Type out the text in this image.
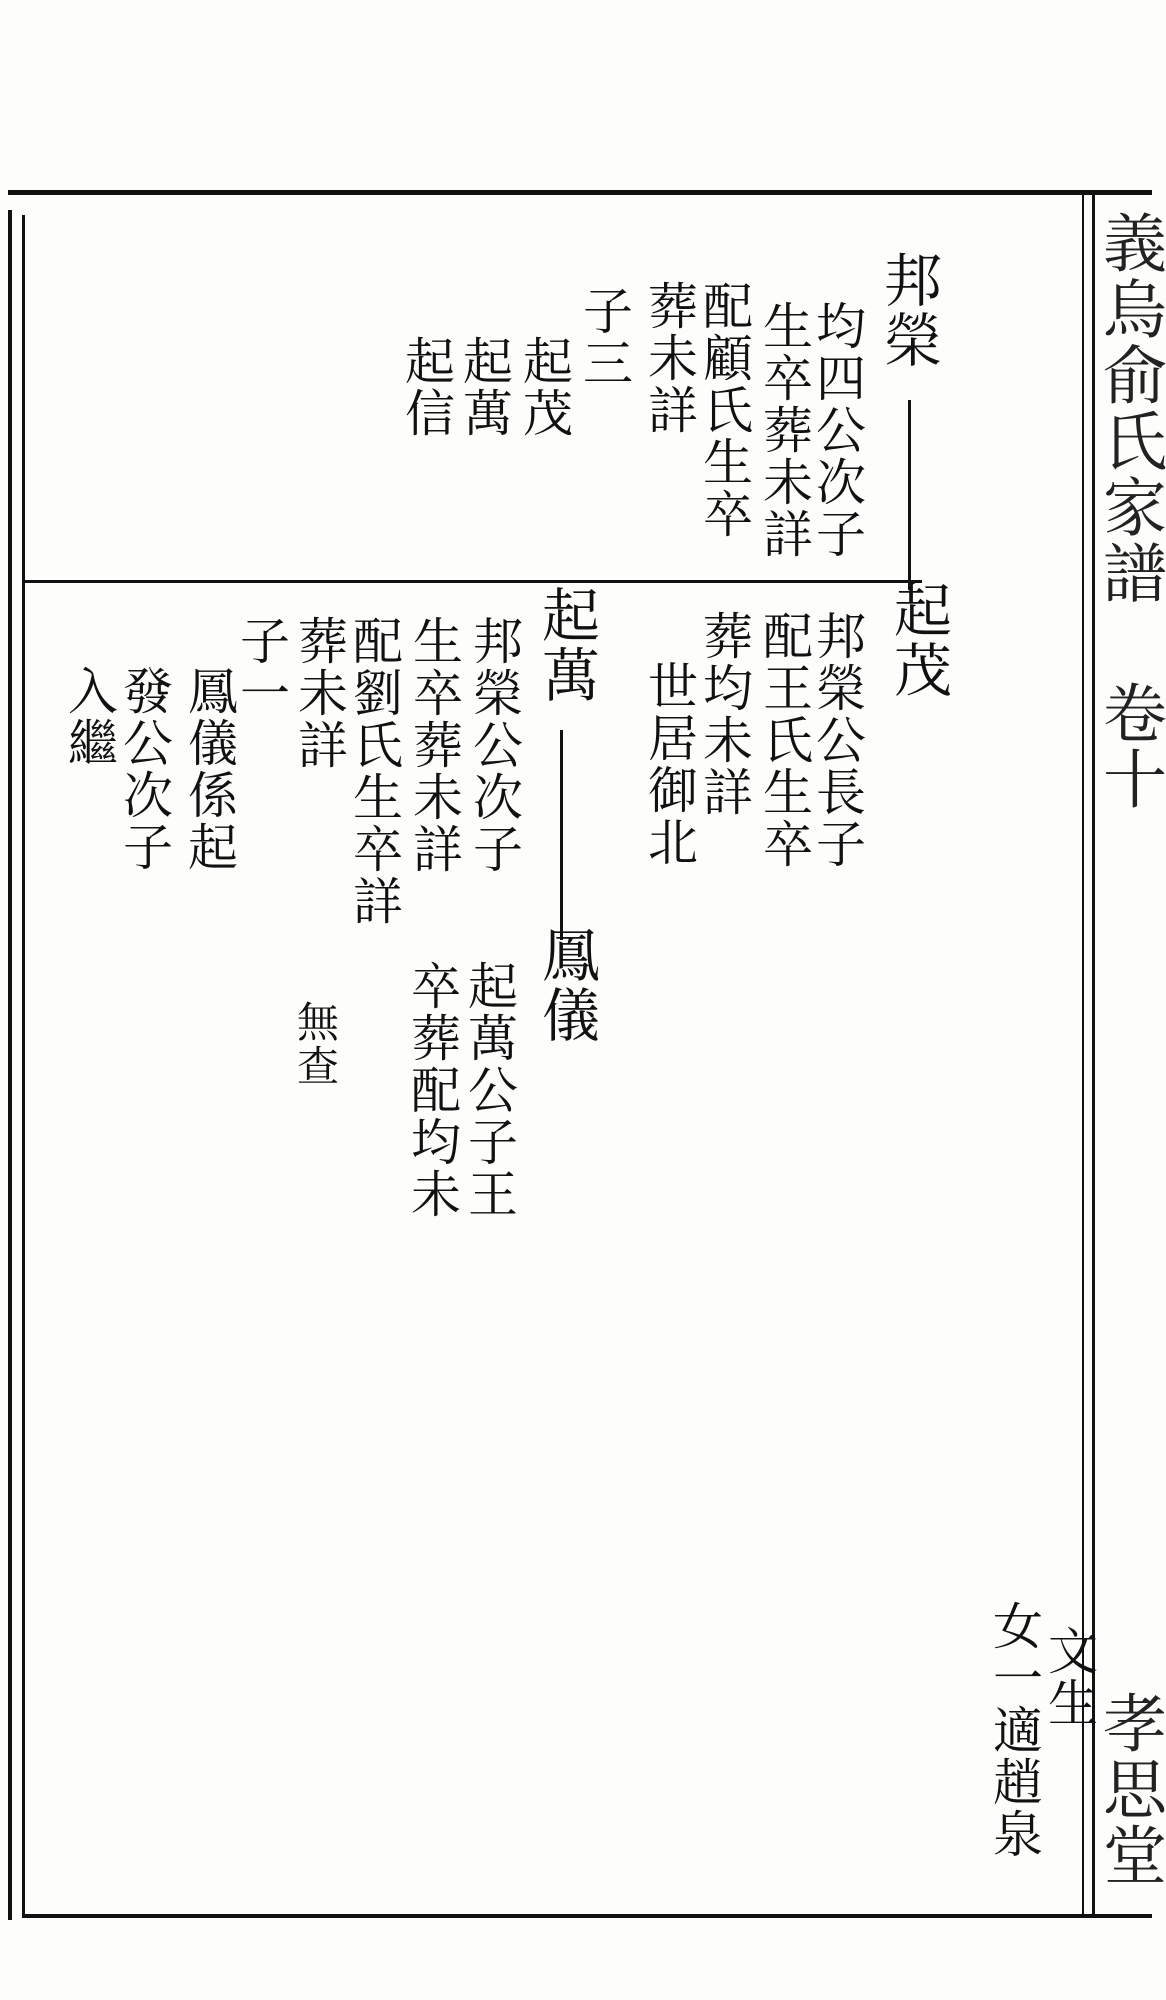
義烏俞氏家譜
卷十
孝思堂
邦榮
均四公次子
生卒葬未詳
配顧氏生卒
葬未詳
子三
起茂
起萬
起信
起茂
邦榮公長子
配王氏生卒
葬均未詳
世居御北
起萬
邦榮公次子
生卒葬未詳
配劉氏生卒詳
葬未詳
子一
鳳儀係起
發公次子
入繼
鳳儀
起萬公子王
卒葬配均未
無查
女一適趙泉
文生
